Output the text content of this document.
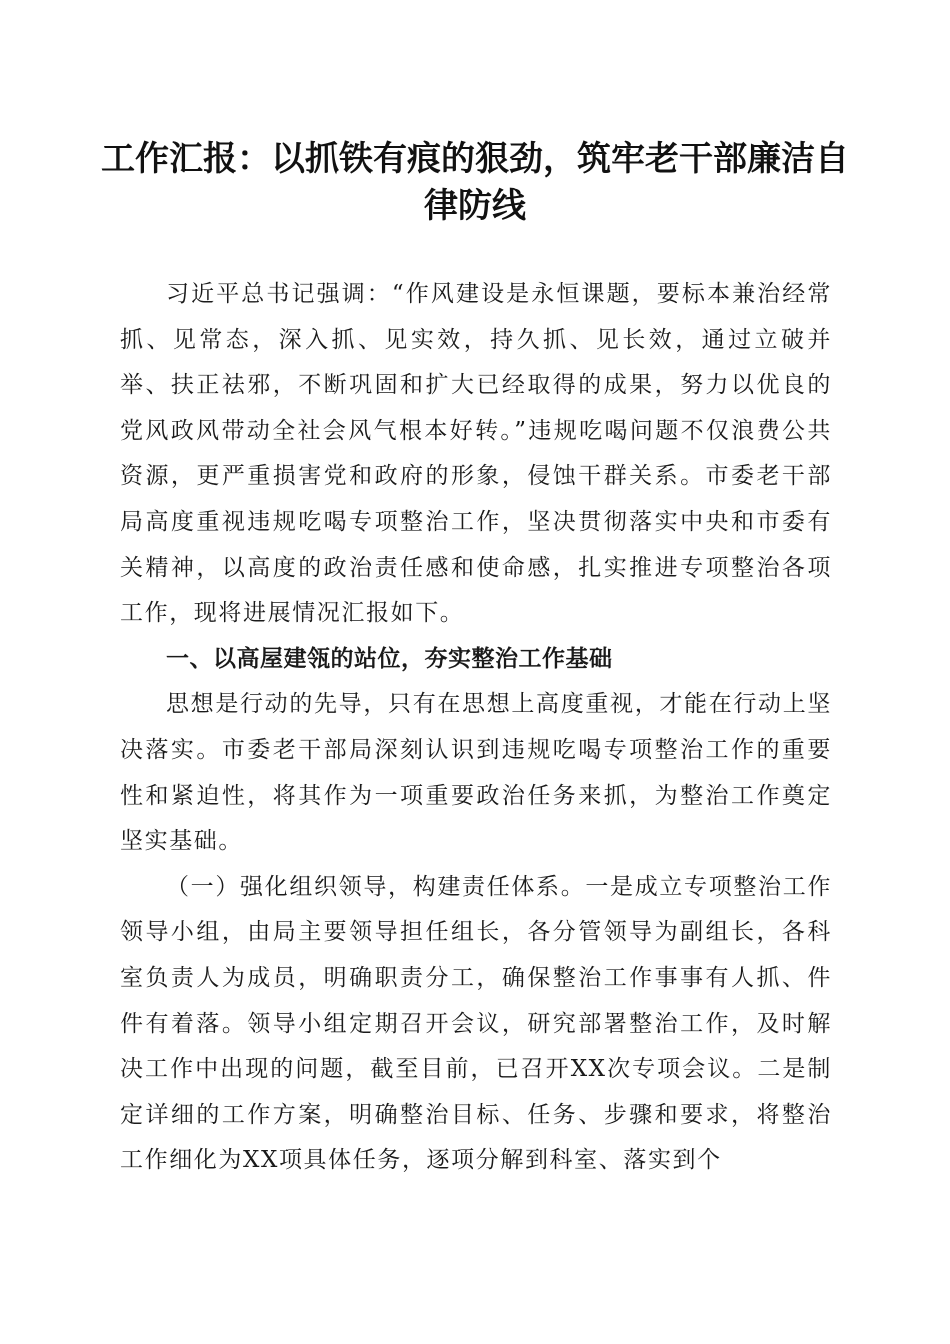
工作汇报：以抓铁有痕的狠劲，筑牢老干部廉洁自律防线

习近平总书记强调：“作风建设是永恒课题，要标本兼治经常抓、见常态，深入抓、见实效，持久抓、见长效，通过立破并举、扶正祛邪，不断巩固和扩大已经取得的成果，努力以优良的党风政风带动全社会风气根本好转。”违规吃喝问题不仅浪费公共资源，更严重损害党和政府的形象，侵蚀干群关系。市委老干部局高度重视违规吃喝专项整治工作，坚决贯彻落实中央和市委有关精神，以高度的政治责任感和使命感，扎实推进专项整治各项工作，现将进展情况汇报如下。

一、以高屋建瓴的站位，夯实整治工作基础

思想是行动的先导，只有在思想上高度重视，才能在行动上坚决落实。市委老干部局深刻认识到违规吃喝专项整治工作的重要性和紧迫性，将其作为一项重要政治任务来抓，为整治工作奠定坚实基础。

（一）强化组织领导，构建责任体系。一是成立专项整治工作领导小组，由局主要领导担任组长，各分管领导为副组长，各科室负责人为成员，明确职责分工，确保整治工作事事有人抓、件件有着落。领导小组定期召开会议，研究部署整治工作，及时解决工作中出现的问题，截至目前，已召开XX次专项会议。二是制定详细的工作方案，明确整治目标、任务、步骤和要求，将整治工作细化为XX项具体任务，逐项分解到科室、落实到个
